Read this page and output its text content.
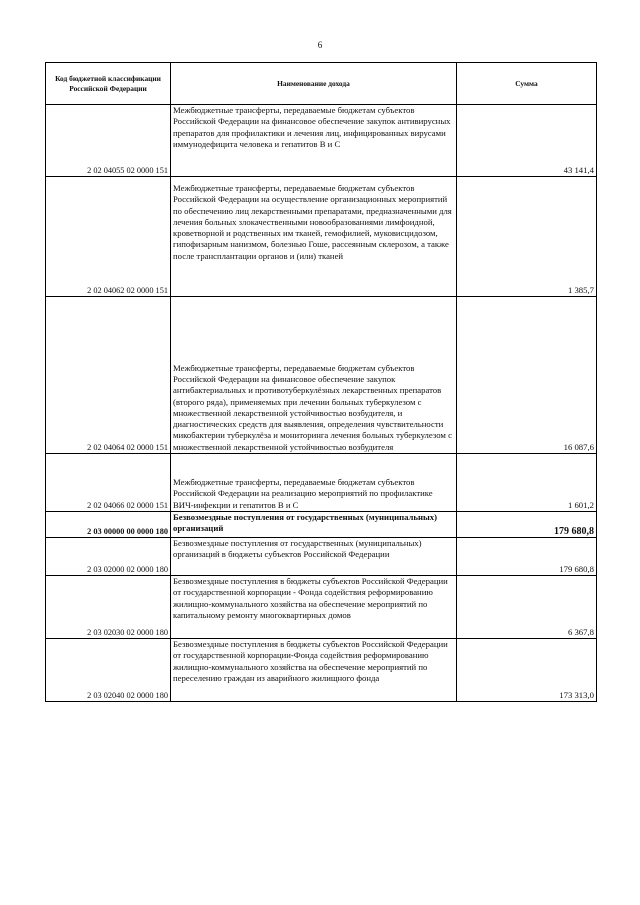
6
Код бюджетной классификации Российской Федерации	Наименование дохода	Сумма
2 02 04055 02 0000 151	Межбюджетные трансферты, передаваемые бюджетам субъектов Российской Федерации на финансовое обеспечение закупок антивирусных препаратов для профилактики и лечения лиц, инфицированных вирусами иммунодефицита человека и гепатитов В и С	43 141,4
2 02 04062 02 0000 151	Межбюджетные трансферты, передаваемые бюджетам субъектов Российской Федерации на осуществление организационных мероприятий по обеспечению лиц лекарственными препаратами, предназначенными для лечения больных злокачественными новообразованиями лимфоидной, кроветворной и родственных им тканей, гемофилией, муковисцидозом, гипофизарным нанизмом, болезнью Гоше, рассеянным склерозом, а также после трансплантации органов и (или) тканей	1 385,7
2 02 04064 02 0000 151	Межбюджетные трансферты, передаваемые бюджетам субъектов Российской Федерации на финансовое обеспечение закупок антибактериальных и противотуберкулёзных лекарственных препаратов (второго ряда), применяемых при лечении больных туберкулезом с множественной лекарственной устойчивостью возбудителя, и диагностических средств для выявления, определения чувствительности микобактерии туберкулёза и мониторинга лечения больных туберкулезом с множественной лекарственной устойчивостью возбудителя	16 087,6
2 02 04066 02 0000 151	Межбюджетные трансферты, передаваемые бюджетам субъектов Российской Федерации на реализацию мероприятий по профилактике ВИЧ-инфекции и гепатитов В и С	1 601,2
2 03 00000 00 0000 180	Безвозмездные поступления от государственных (муниципальных) организаций	179 680,8
2 03 02000 02 0000 180	Безвозмездные поступления от государственных (муниципальных) организаций в бюджеты субъектов Российской Федерации	179 680,8
2 03 02030 02 0000 180	Безвозмездные поступления в бюджеты субъектов Российской Федерации от государственной корпорации - Фонда содействия реформированию жилищно-коммунального хозяйства на обеспечение мероприятий по капитальному ремонту многоквартирных домов	6 367,8
2 03 02040 02 0000 180	Безвозмездные поступления в бюджеты субъектов Российской Федерации от государственной корпорации-Фонда содействия реформированию жилищно-коммунального хозяйства на обеспечение мероприятий по переселению граждан из аварийного жилищного фонда	173 313,0
